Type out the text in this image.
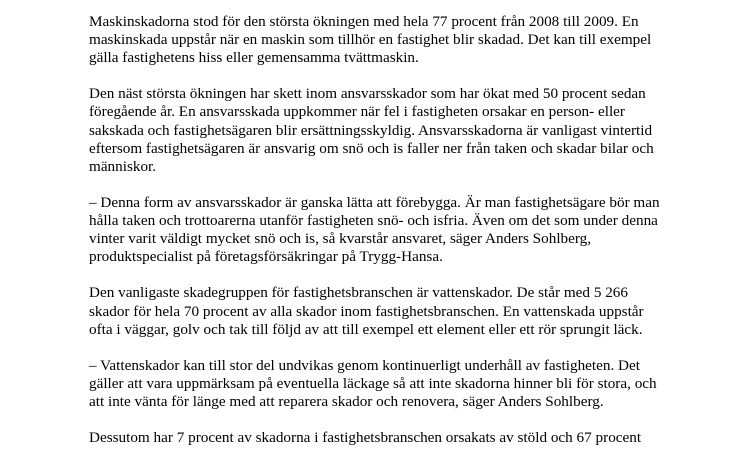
Maskinskadorna stod för den största ökningen med hela 77 procent från 2008 till 2009. En
maskinskada uppstår när en maskin som tillhör en fastighet blir skadad. Det kan till exempel
gälla fastighetens hiss eller gemensamma tvättmaskin.

Den näst största ökningen har skett inom ansvarsskador som har ökat med 50 procent sedan
föregående år. En ansvarsskada uppkommer när fel i fastigheten orsakar en person- eller
sakskada och fastighetsägaren blir ersättningsskyldig. Ansvarsskadorna är vanligast vintertid
eftersom fastighetsägaren är ansvarig om snö och is faller ner från taken och skadar bilar och
människor.

– Denna form av ansvarsskador är ganska lätta att förebygga. Är man fastighetsägare bör man
hålla taken och trottoarerna utanför fastigheten snö- och isfria. Även om det som under denna
vinter varit väldigt mycket snö och is, så kvarstår ansvaret, säger Anders Sohlberg,
produktspecialist på företagsförsäkringar på Trygg-Hansa.

Den vanligaste skadegruppen för fastighetsbranschen är vattenskador. De står med 5 266
skador för hela 70 procent av alla skador inom fastighetsbranschen. En vattenskada uppstår
ofta i väggar, golv och tak till följd av att till exempel ett element eller ett rör sprungit läck.

– Vattenskador kan till stor del undvikas genom kontinuerligt underhåll av fastigheten. Det
gäller att vara uppmärksam på eventuella läckage så att inte skadorna hinner bli för stora, och
att inte vänta för länge med att reparera skador och renovera, säger Anders Sohlberg.

Dessutom har 7 procent av skadorna i fastighetsbranschen orsakats av stöld och 67 procent
